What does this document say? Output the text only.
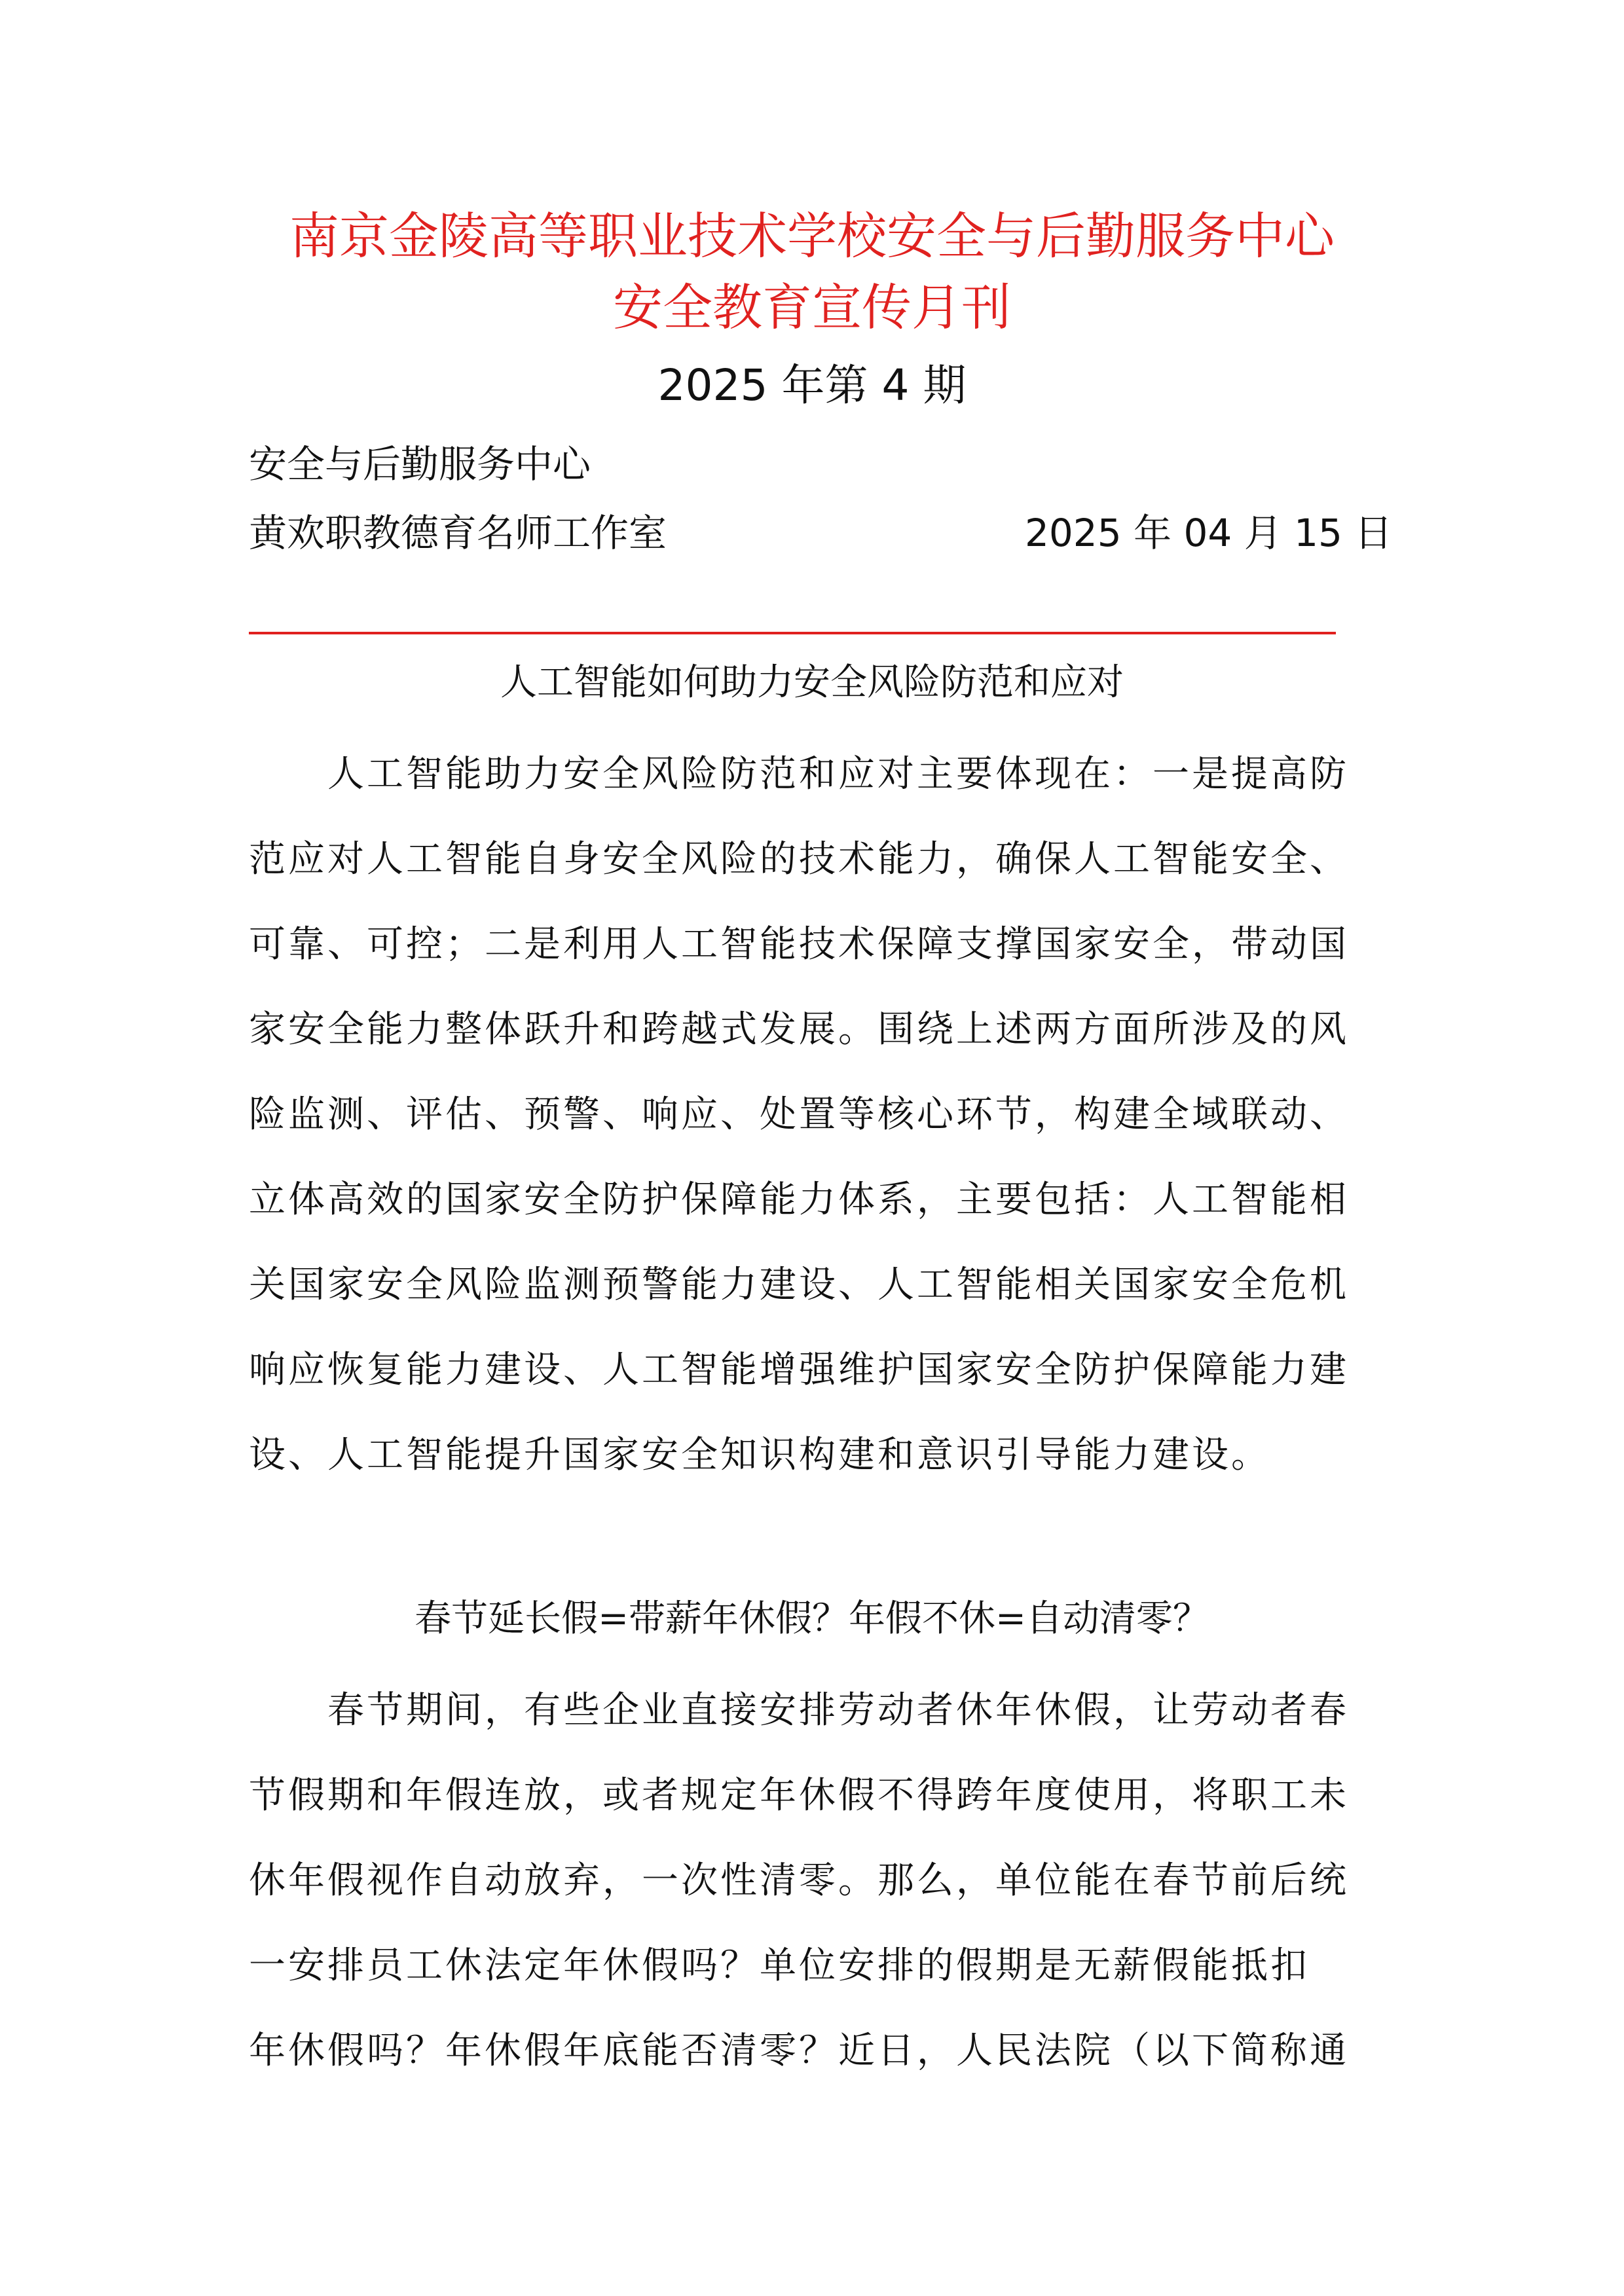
南京金陵高等职业技术学校安全与后勤服务中心
安全教育宣传月刊
2025 年第 4 期
安全与后勤服务中心
黄欢职教德育名师工作室	2025 年 04 月 15 日
人工智能如何助力安全风险防范和应对
　　人工智能助力安全风险防范和应对主要体现在：一是提高防
范应对人工智能自身安全风险的技术能力，确保人工智能安全、
可靠、可控；二是利用人工智能技术保障支撑国家安全，带动国
家安全能力整体跃升和跨越式发展。围绕上述两方面所涉及的风
险监测、评估、预警、响应、处置等核心环节，构建全域联动、
立体高效的国家安全防护保障能力体系，主要包括：人工智能相
关国家安全风险监测预警能力建设、人工智能相关国家安全危机
响应恢复能力建设、人工智能增强维护国家安全防护保障能力建
设、人工智能提升国家安全知识构建和意识引导能力建设。
春节延长假=带薪年休假？年假不休=自动清零？
　　春节期间，有些企业直接安排劳动者休年休假，让劳动者春
节假期和年假连放，或者规定年休假不得跨年度使用，将职工未
休年假视作自动放弃，一次性清零。那么，单位能在春节前后统
一安排员工休法定年休假吗？单位安排的假期是无薪假能抵扣
年休假吗？年休假年底能否清零？近日，人民法院（以下简称通
